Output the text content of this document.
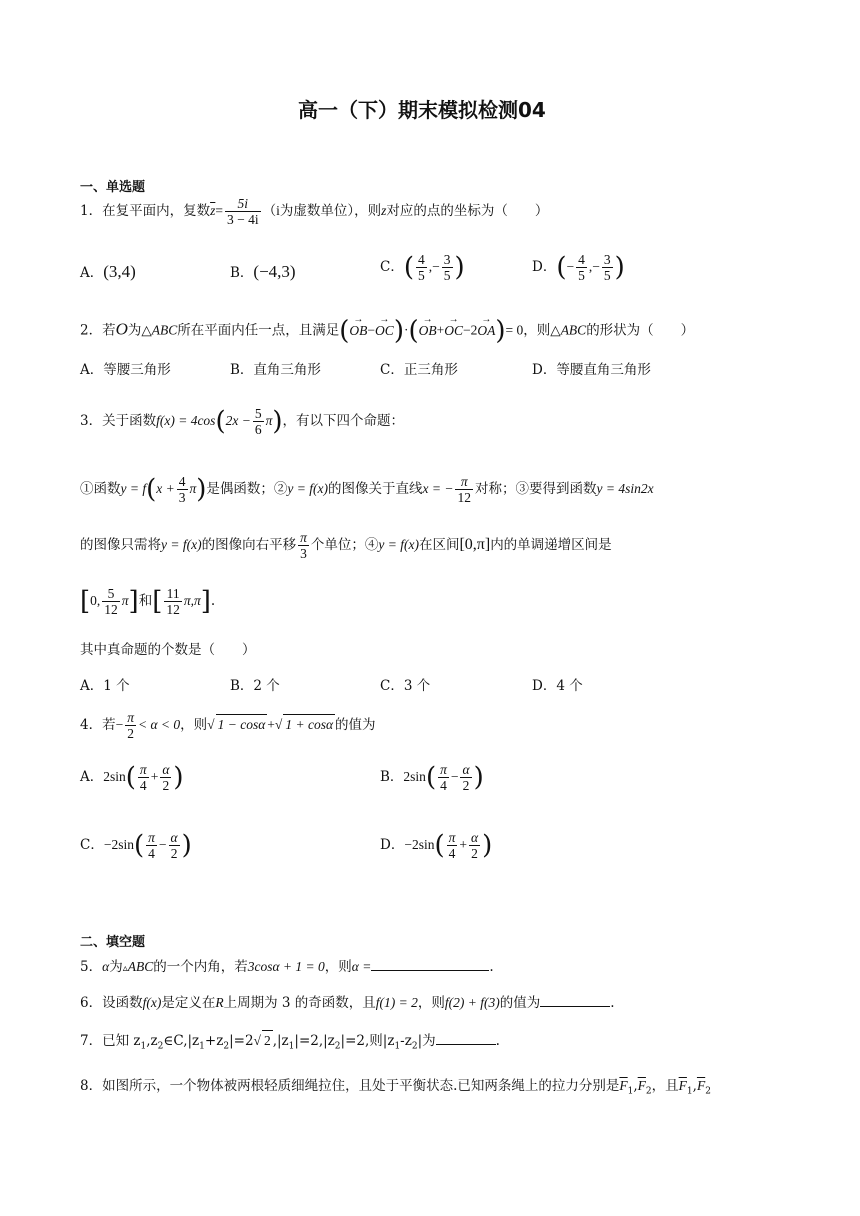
高一（下）期末模拟检测04
一、单选题
1．在复平面内，复数$\overline{z}= \frac{5i}{3 - 4i} (i$为虚数单位），则z对应的点的坐标为（　　）
A．(3,4)	B．(−4,3)	C．( $\frac{4}{5}$ ,− $\frac{3}{5}$ )	D．(− $\frac{4}{5}$ ,− $\frac{3}{5}$ )
2．若O为△ABC所在平面内任一点，且满足(→ OB−→ OC)·(→ OB+→ OC−2→ OA)= 0，则△ABC的形状为（　　）
A．等腰三角形	B．直角三角形	C．正三角形	D．等腰直角三角形
3．关于函数$f(x) = 4\cos(2x - \frac{5}{6} \pi)$，有以下四个命题：
①函数$y = f(x + \frac{4}{3} \pi)$是偶函数；②y = f(x)的图像关于直线x = − $\frac{\pi}{12}$ 对称；③要得到函数y = 4sin2x
的图像只需将y = f(x)的图像向右平移 $\frac{\pi}{3}$ 个单位；④y = f(x)在区间[0,π]内的单调递增区间是
[0, $\frac{5}{12} \pi$]和[ $\frac{11}{12} \pi,\pi$].
其中真命题的个数是（　　）
A．1 个	B．2 个	C．3 个	D．4 个
4．若− $\frac{\pi}{2} < \alpha < 0$，则√ 1 − cosα +√ 1 + cosα 的值为
A．$2\sin( \frac{\pi}{4} + \frac{\alpha}{2}$ )	B．$2\sin( \frac{\pi}{4} - \frac{\alpha}{2}$ )
C．$-2\sin( \frac{\pi}{4} - \frac{\alpha}{2}$ )	D．$-2\sin( \frac{\pi}{4} + \frac{\alpha}{2}$ )
二、填空题
5．α为▵ABC的一个内角，若3cosα + 1 = 0，则α =	.
6．设函数f(x)是定义在R上周期为 3 的奇函数，且f(1) = 2，则f(2) + f(3)的值为	.
7．已知 $z_1,z_2\in C,|z_1+z_2|=2√$ 2 $,|z_1|=2,|z_2|=2$,则$|z_1-z_2|$为	.
8．如图所示，一个物体被两根轻质细绳拉住，且处于平衡状态.已知两条绳上的拉力分别是$\overline{F}_1,\overline{F}_2$，且$\overline{F}_1,\overline{F}_2$
